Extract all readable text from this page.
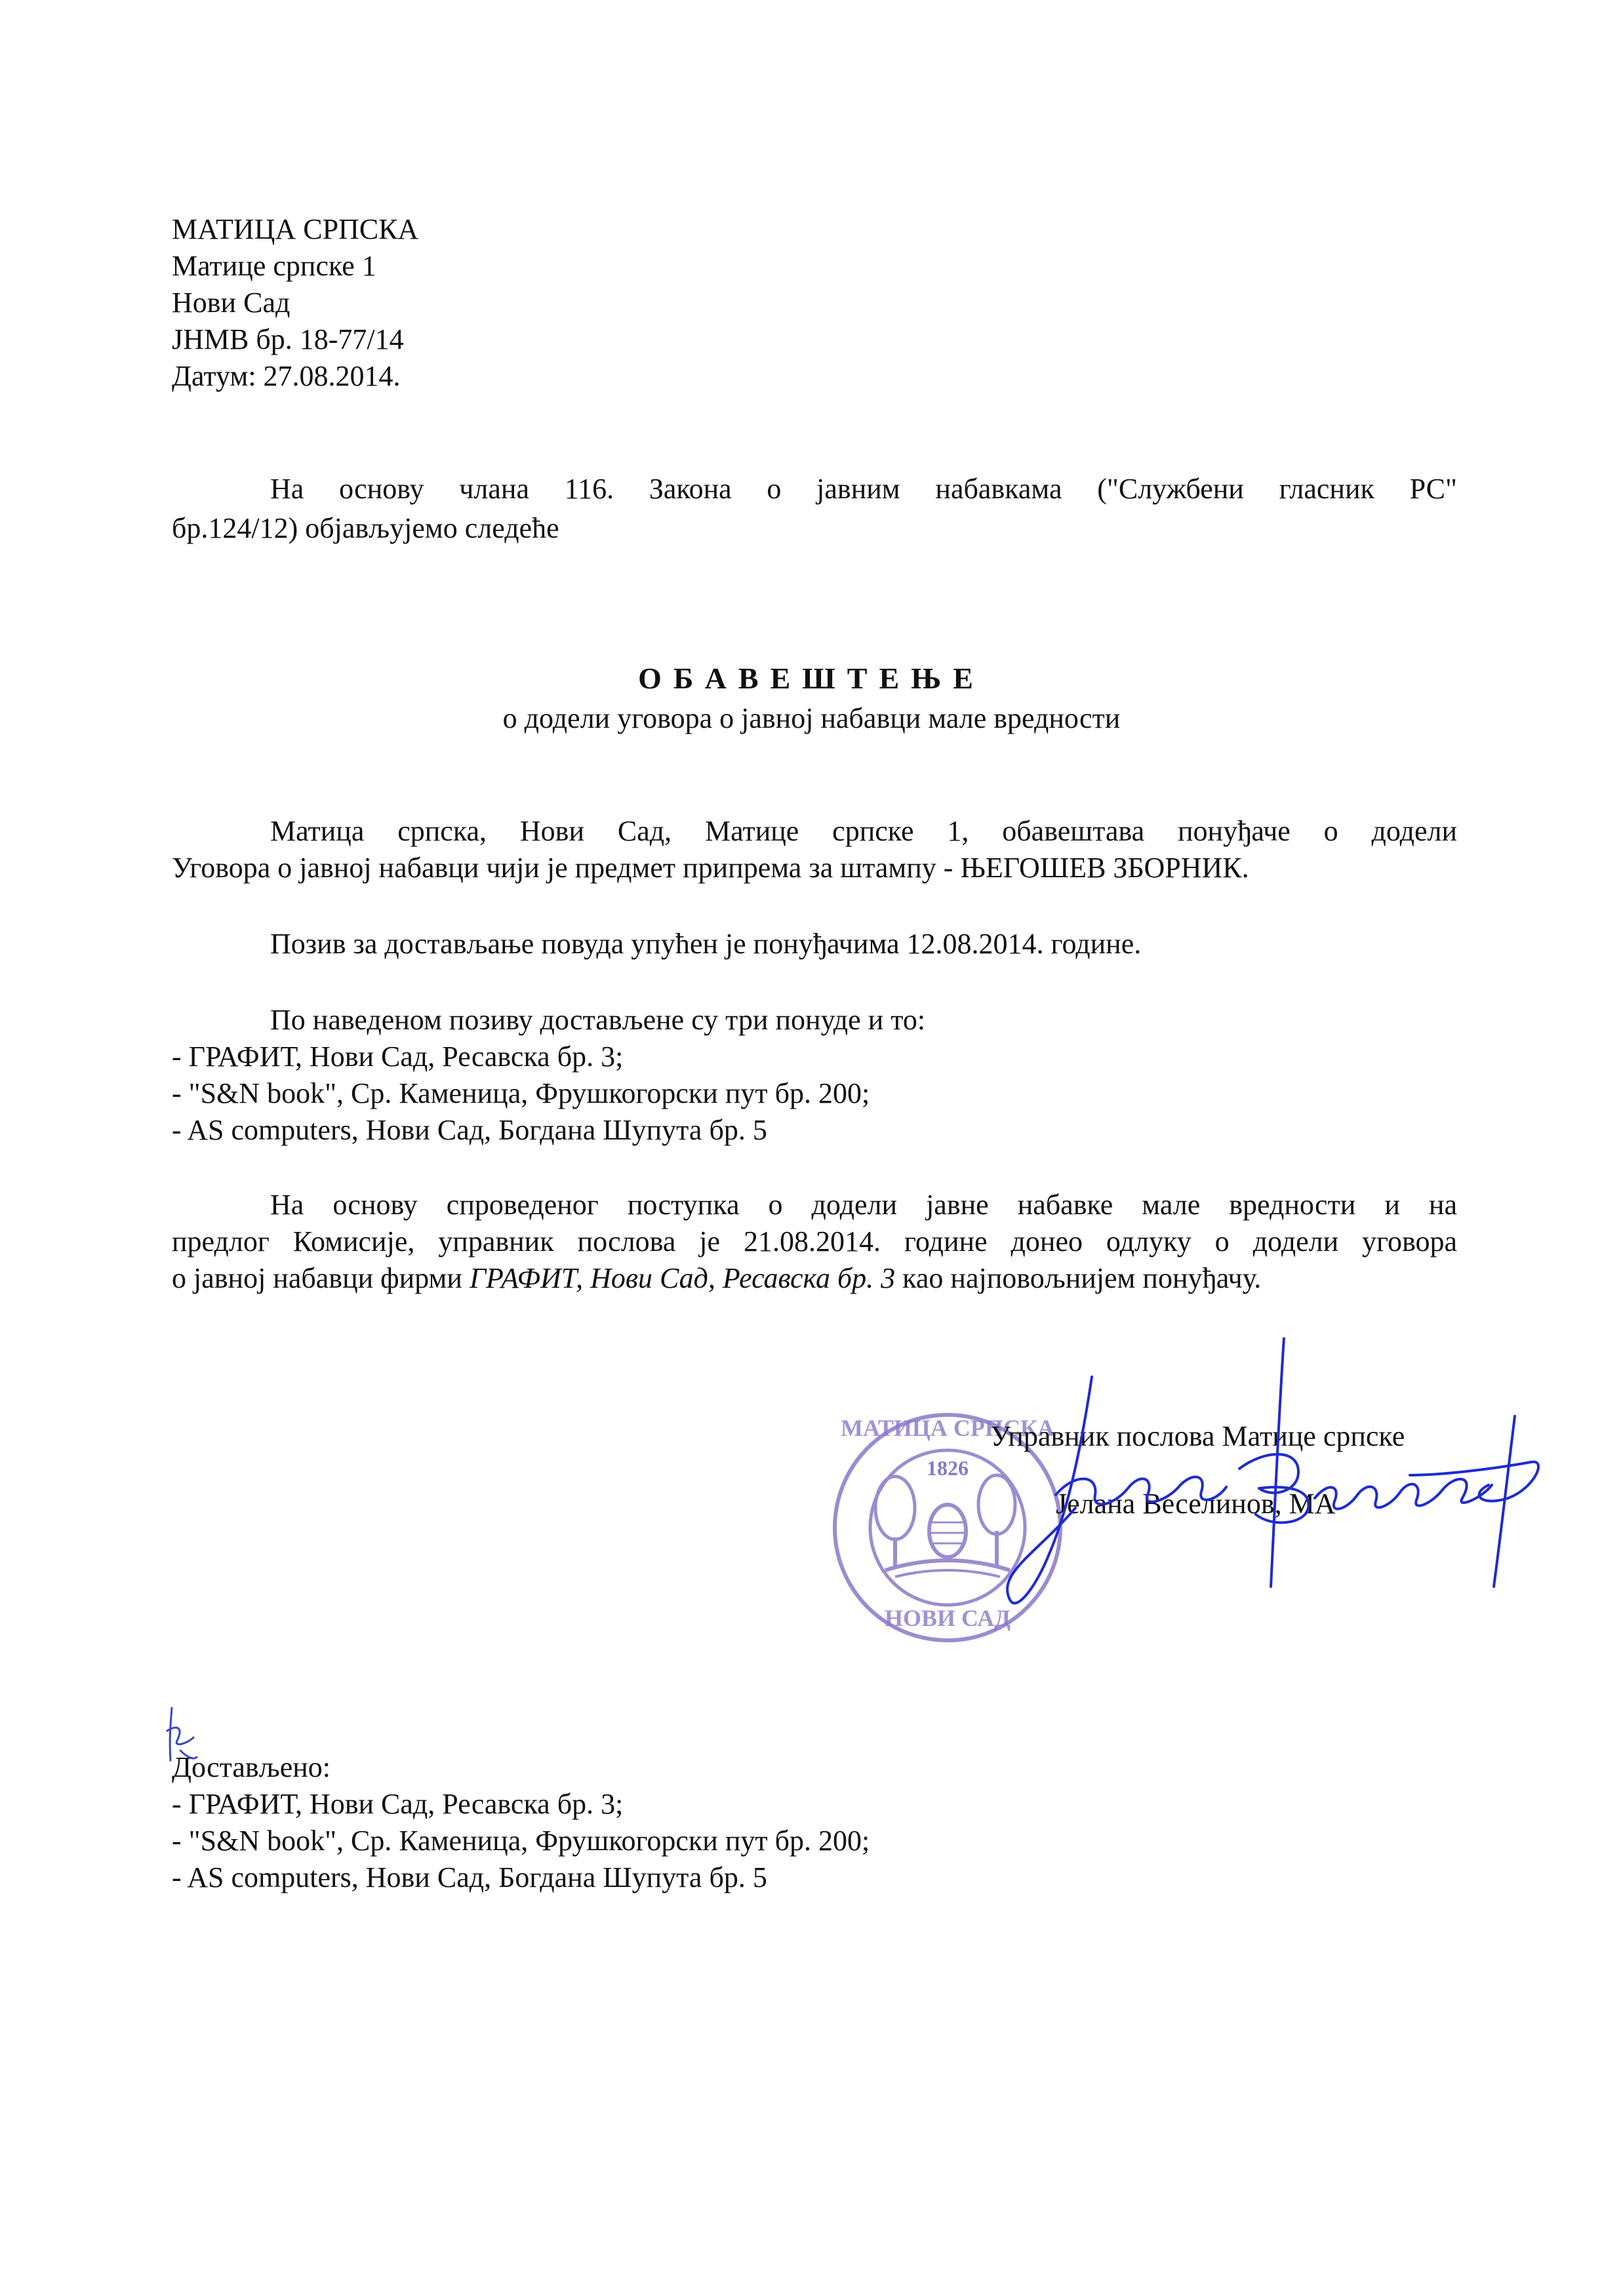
МАТИЦА СРПСКА
Матице српске 1
Нови Сад
ЈНМВ бр. 18-77/14
Датум: 27.08.2014.
На основу члана 116. Закона о јавним набавкама ("Службени гласник РС"
бр.124/12) објављујемо следеће
ОБАВЕШТЕЊЕ
о додели уговора о јавној набавци мале вредности
Матица српска, Нови Сад, Матице српске 1, обавештава понуђаче о додели
Уговора о јавној набавци чији је предмет припрема за штампу - ЊЕГОШЕВ ЗБОРНИК.
Позив за достављање повуда упућен је понуђачима 12.08.2014. године.
По наведеном позиву достављене су три понуде и то:
- ГРАФИТ, Нови Сад, Ресавска бр. 3;
- "S&N book", Ср. Каменица, Фрушкогорски пут бр. 200;
- AS computers, Нови Сад, Богдана Шупута бр. 5
На основу спроведеног поступка о додели јавне набавке мале вредности и на
предлог Комисије, управник послова је 21.08.2014. године донео одлуку о додели уговора
о јавној набавци фирми ГРАФИТ, Нови Сад, Ресавска бр. 3 као најповољнијем понуђачу.
1826
МАТИЦА СРПСКА
НОВИ САД
Управник послова Матице српске
Јелана Веселинов, МА
Достављено:
- ГРАФИТ, Нови Сад, Ресавска бр. 3;
- "S&N book", Ср. Каменица, Фрушкогорски пут бр. 200;
- AS computers, Нови Сад, Богдана Шупута бр. 5
